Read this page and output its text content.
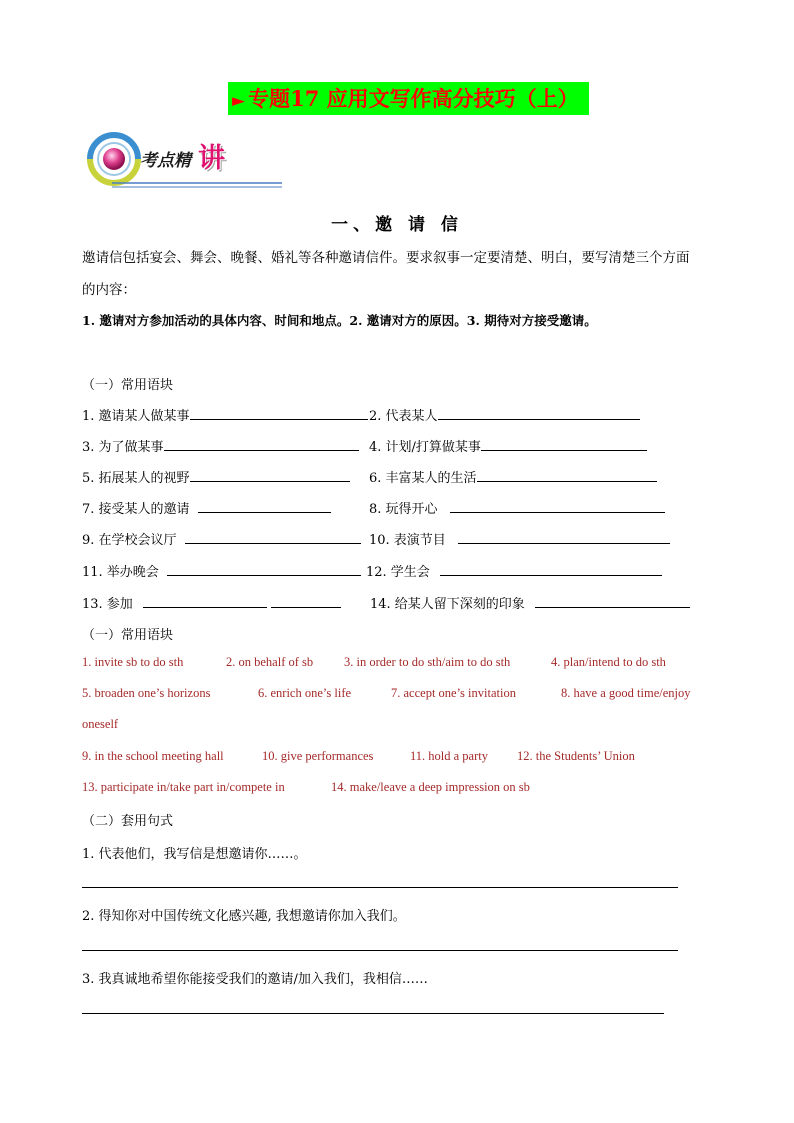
► 专题17 应用文写作高分技巧（上）
考点精 讲
一、邀 请 信
邀请信包括宴会、舞会、晚餐、婚礼等各种邀请信件。要求叙事一定要清楚、明白，要写清楚三个方面
的内容：
1. 邀请对方参加活动的具体内容、时间和地点。2. 邀请对方的原因。3. 期待对方接受邀请。
（一）常用语块
1. 邀请某人做某事	2. 代表某人
3. 为了做某事	4. 计划/打算做某事
5. 拓展某人的视野	6. 丰富某人的生活
7. 接受某人的邀请	8. 玩得开心
9. 在学校会议厅	10. 表演节目
11. 举办晚会	12. 学生会
13. 参加	14. 给某人留下深刻的印象
（一）常用语块
1. invite sb to do sth	2. on behalf of sb 3. in order to do sth/aim to do sth	4. plan/intend to do sth
5. broaden one’s horizons	6. enrich one’s life	7. accept one’s invitation	8. have a good time/enjoy
oneself
9. in the school meeting hall	10. give performances	11. hold a party 12. the Students’ Union
13. participate in/take part in/compete in	14. make/leave a deep impression on sb
（二）套用句式
1. 代表他们，我写信是想邀请你……。
2. 得知你对中国传统文化感兴趣, 我想邀请你加入我们。
3. 我真诚地希望你能接受我们的邀请/加入我们，我相信……
